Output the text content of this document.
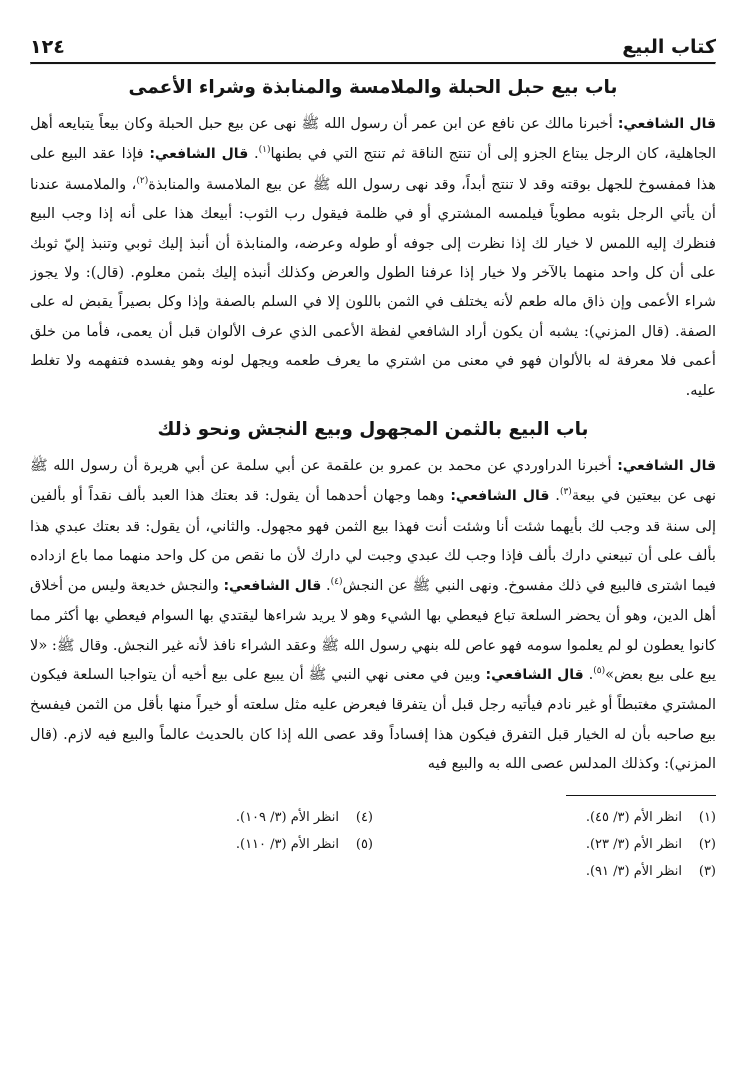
كتاب البيع
١٢٤
باب بيع حبل الحبلة والملامسة والمنابذة وشراء الأعمى

قال الشافعي: أخبرنا مالك عن نافع عن ابن عمر أن رسول الله ﷺ نهى عن بيع حبل الحبلة وكان بيعاً يتبايعه أهل الجاهلية، كان الرجل يبتاع الجزو إلى أن تنتج الناقة ثم تنتج التي في بطنها$^{(١)}$. قال الشافعي: فإذا عقد البيع على هذا فمفسوخ للجهل بوقته وقد لا تنتج أبداً، وقد نهى رسول الله ﷺ عن بيع الملامسة والمنابذة$^{(٢)}$، والملامسة عندنا أن يأتي الرجل بثوبه مطوياً فيلمسه المشتري أو في ظلمة فيقول رب الثوب: أبيعك هذا على أنه إذا وجب البيع فنظرك إليه اللمس لا خيار لك إذا نظرت إلى جوفه أو طوله وعرضه، والمنابذة أن أنبذ إليك ثوبي وتنبذ إليّ ثوبك على أن كل واحد منهما بالآخر ولا خيار إذا عرفنا الطول والعرض وكذلك أنبذه إليك بثمن معلوم. (قال): ولا يجوز شراء الأعمى وإن ذاق ماله طعم لأنه يختلف في الثمن باللون إلا في السلم بالصفة وإذا وكل بصيراً يقبض له على الصفة. (قال المزني): يشبه أن يكون أراد الشافعي لفظة الأعمى الذي عرف الألوان قبل أن يعمى، فأما من خلق أعمى فلا معرفة له بالألوان فهو في معنى من اشتري ما يعرف طعمه ويجهل لونه وهو يفسده فتفهمه ولا تغلط عليه.

باب البيع بالثمن المجهول وبيع النجش ونحو ذلك

قال الشافعي: أخبرنا الدراوردي عن محمد بن عمرو بن علقمة عن أبي سلمة عن أبي هريرة أن رسول الله ﷺ نهى عن بيعتين في بيعة$^{(٣)}$. قال الشافعي: وهما وجهان أحدهما أن يقول: قد بعتك هذا العبد بألف نقداً أو بألفين إلى سنة قد وجب لك بأيهما شئت أنا وشئت أنت فهذا بيع الثمن فهو مجهول. والثاني، أن يقول: قد بعتك عبدي هذا بألف على أن تبيعني دارك بألف فإذا وجب لك عبدي وجبت لي دارك لأن ما نقص من كل واحد منهما مما باع ازداده فيما اشترى فالبيع في ذلك مفسوخ. ونهى النبي ﷺ عن النجش$^{(٤)}$. قال الشافعي: والنجش خديعة وليس من أخلاق أهل الدين، وهو أن يحضر السلعة تباع فيعطي بها الشيء وهو لا يريد شراءها ليقتدي بها السوام فيعطي بها أكثر مما كانوا يعطون لو لم يعلموا سومه فهو عاص لله بنهي رسول الله ﷺ وعقد الشراء نافذ لأنه غير النجش. وقال ﷺ: «لا يبع على بيع بعض»$^{(٥)}$. قال الشافعي: وبين في معنى نهي النبي ﷺ أن يبيع على بيع أخيه أن يتواجبا السلعة فيكون المشتري مغتبطاً أو غير نادم فيأتيه رجل قبل أن يتفرقا فيعرض عليه مثل سلعته أو خيراً منها بأقل من الثمن فيفسخ بيع صاحبه بأن له الخيار قبل التفرق فيكون هذا إفساداً وقد عصى الله إذا كان بالحديث عالماً والبيع فيه لازم. (قال المزني): وكذلك المدلس عصى الله به والبيع فيه

(١)انظر الأم (٣/ ٤٥).
(٢)انظر الأم (٣/ ٢٣).
(٣)انظر الأم (٣/ ٩١).
(٤)انظر الأم (٣/ ١٠٩).
(٥)انظر الأم (٣/ ١١٠).
